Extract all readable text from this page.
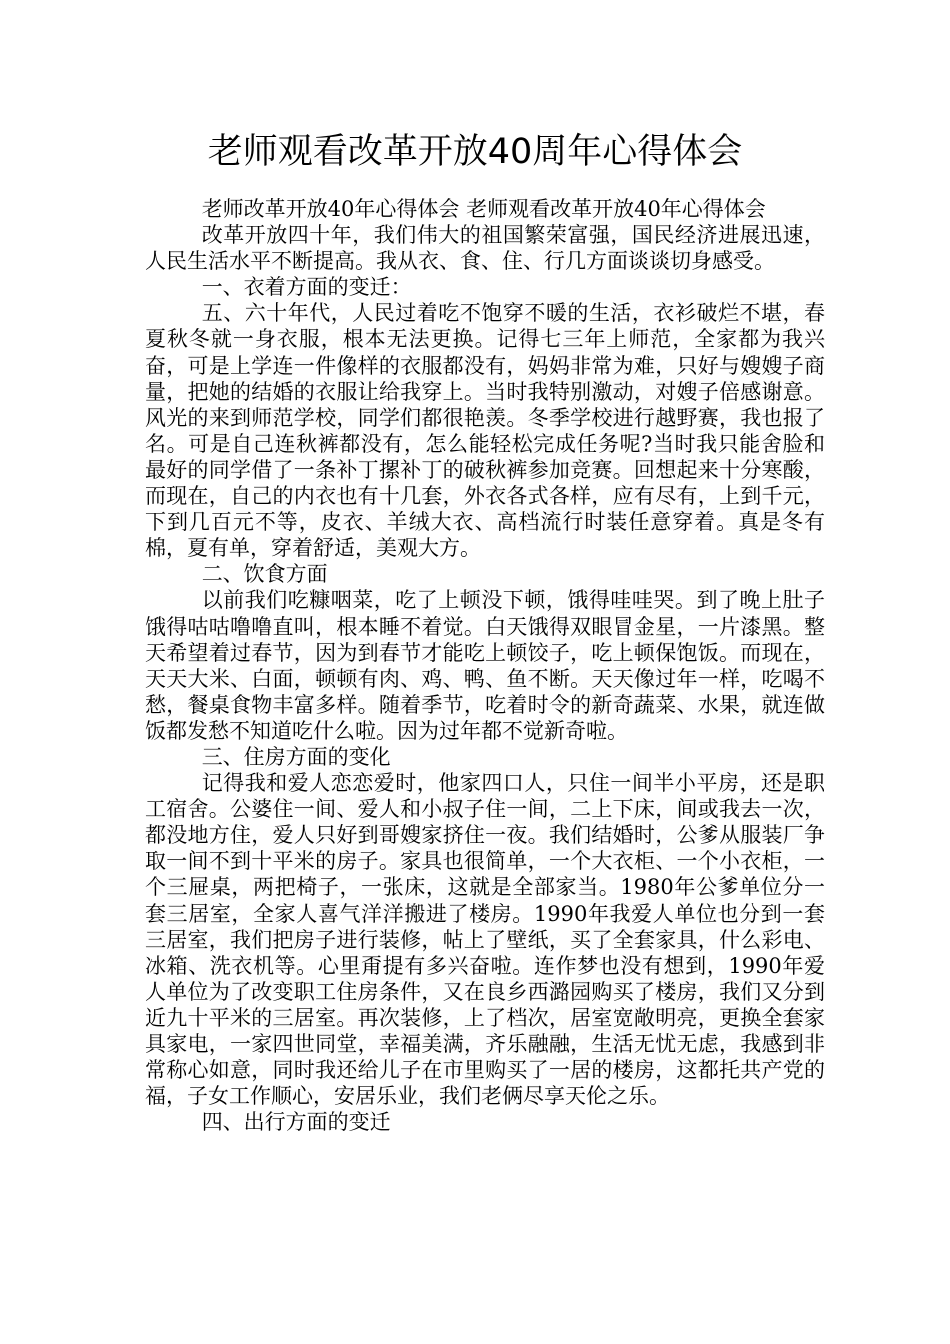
老师观看改革开放40周年心得体会

老师改革开放40年心得体会 老师观看改革开放40年心得体会

改革开放四十年，我们伟大的祖国繁荣富强，国民经济进展迅速，人民生活水平不断提高。我从衣、食、住、行几方面谈谈切身感受。

一、衣着方面的变迁：

五、六十年代，人民过着吃不饱穿不暖的生活，衣衫破烂不堪，春夏秋冬就一身衣服，根本无法更换。记得七三年上师范，全家都为我兴奋，可是上学连一件像样的衣服都没有，妈妈非常为难，只好与嫂嫂子商量，把她的结婚的衣服让给我穿上。当时我特别激动，对嫂子倍感谢意。风光的来到师范学校，同学们都很艳羡。冬季学校进行越野赛，我也报了名。可是自己连秋裤都没有，怎么能轻松完成任务呢?当时我只能舍脸和最好的同学借了一条补丁摞补丁的破秋裤参加竞赛。回想起来十分寒酸，而现在，自己的内衣也有十几套，外衣各式各样，应有尽有，上到千元，下到几百元不等，皮衣、羊绒大衣、高档流行时装任意穿着。真是冬有棉，夏有单，穿着舒适，美观大方。

二、饮食方面

以前我们吃糠咽菜，吃了上顿没下顿，饿得哇哇哭。到了晚上肚子饿得咕咕噜噜直叫，根本睡不着觉。白天饿得双眼冒金星，一片漆黑。整天希望着过春节，因为到春节才能吃上顿饺子，吃上顿保饱饭。而现在，天天大米、白面，顿顿有肉、鸡、鸭、鱼不断。天天像过年一样，吃喝不愁，餐桌食物丰富多样。随着季节，吃着时令的新奇蔬菜、水果，就连做饭都发愁不知道吃什么啦。因为过年都不觉新奇啦。

三、住房方面的变化

记得我和爱人恋恋爱时，他家四口人，只住一间半小平房，还是职工宿舍。公婆住一间、爱人和小叔子住一间，二上下床，间或我去一次，都没地方住，爱人只好到哥嫂家挤住一夜。我们结婚时，公爹从服装厂争取一间不到十平米的房子。家具也很简单，一个大衣柜、一个小衣柜，一个三屉桌，两把椅子，一张床，这就是全部家当。1980年公爹单位分一套三居室，全家人喜气洋洋搬进了楼房。1990年我爱人单位也分到一套三居室，我们把房子进行装修，帖上了壁纸，买了全套家具，什么彩电、冰箱、洗衣机等。心里甭提有多兴奋啦。连作梦也没有想到，1990年爱人单位为了改变职工住房条件，又在良乡西潞园购买了楼房，我们又分到近九十平米的三居室。再次装修，上了档次，居室宽敞明亮，更换全套家具家电，一家四世同堂，幸福美满，齐乐融融，生活无忧无虑，我感到非常称心如意，同时我还给儿子在市里购买了一居的楼房，这都托共产党的福，子女工作顺心，安居乐业，我们老俩尽享天伦之乐。

四、出行方面的变迁
